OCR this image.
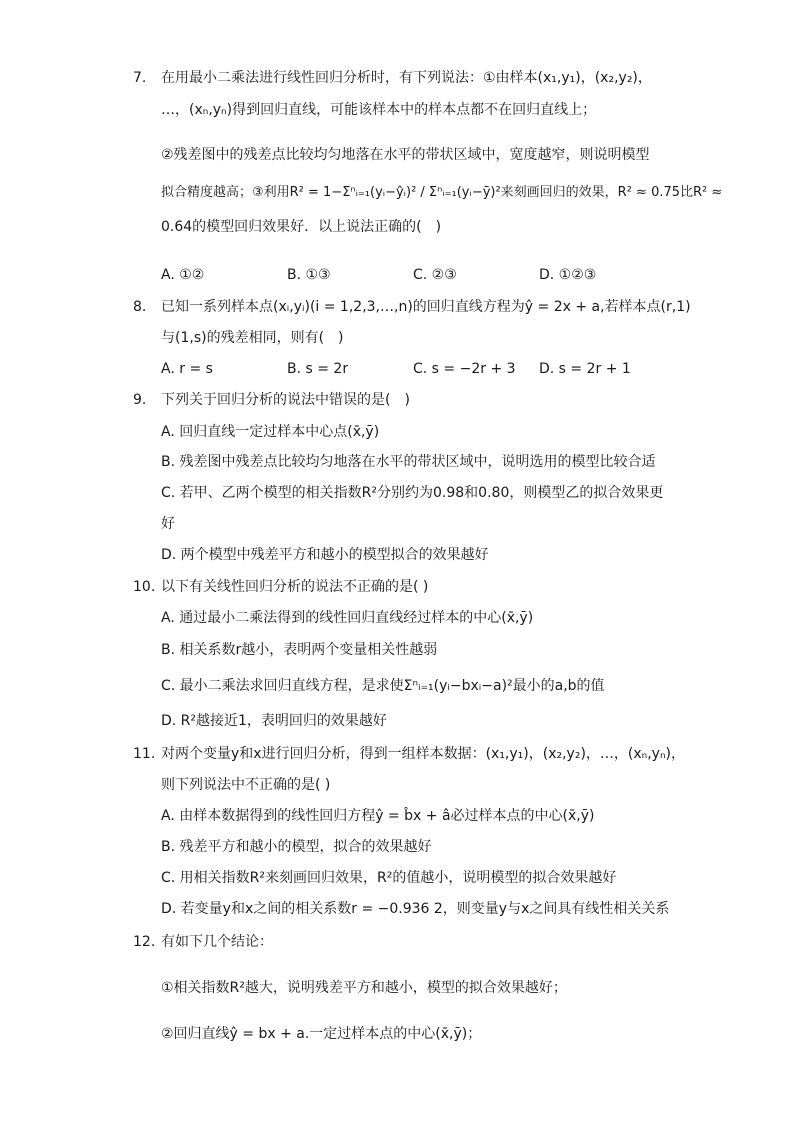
7. 在用最小二乘法进行线性回归分析时，有下列说法：①由样本(x₁,y₁)，(x₂,y₂)，
…，(xₙ,yₙ)得到回归直线，可能该样本中的样本点都不在回归直线上；
②残差图中的残差点比较均匀地落在水平的带状区域中，宽度越窄，则说明模型
拟合精度越高；③利用R² = 1−Σⁿᵢ₌₁(yᵢ−ŷᵢ)² / Σⁿᵢ₌₁(yᵢ−ȳ)²来刻画回归的效果，R² ≈ 0.75比R² ≈
0.64的模型回归效果好．以上说法正确的(　)
A. ①②	B. ①③	C. ②③	D. ①②③
8. 已知一系列样本点(xᵢ,yᵢ)(i = 1,2,3,…,n)的回归直线方程为ŷ = 2x + a,若样本点(r,1)
与(1,s)的残差相同，则有(　)
A. r = s	B. s = 2r	C. s = −2r + 3 D. s = 2r + 1
9. 下列关于回归分析的说法中错误的是(　)
A. 回归直线一定过样本中心点(x̄,ȳ)
B. 残差图中残差点比较均匀地落在水平的带状区域中，说明选用的模型比较合适
C. 若甲、乙两个模型的相关指数R²分别约为0.98和0.80，则模型乙的拟合效果更
好
D. 两个模型中残差平方和越小的模型拟合的效果越好
10. 以下有关线性回归分析的说法不正确的是( )
A. 通过最小二乘法得到的线性回归直线经过样本的中心(x̄,ȳ)
B. 相关系数r越小，表明两个变量相关性越弱
C. 最小二乘法求回归直线方程，是求使Σⁿᵢ₌₁(yᵢ−bxᵢ−a)²最小的a,b的值
D. R²越接近1，表明回归的效果越好
11. 对两个变量y和x进行回归分析，得到一组样本数据：(x₁,y₁)，(x₂,y₂)，…，(xₙ,yₙ)，
则下列说法中不正确的是( )
A. 由样本数据得到的线性回归方程ŷ = b̂x + â必过样本点的中心(x̄,ȳ)
B. 残差平方和越小的模型，拟合的效果越好
C. 用相关指数R²来刻画回归效果，R²的值越小，说明模型的拟合效果越好
D. 若变量y和x之间的相关系数r = −0.936 2，则变量y与x之间具有线性相关关系
12. 有如下几个结论：
①相关指数R²越大，说明残差平方和越小，模型的拟合效果越好；
②回归直线ŷ = bx + a.一定过样本点的中心(x̄,ȳ)；
